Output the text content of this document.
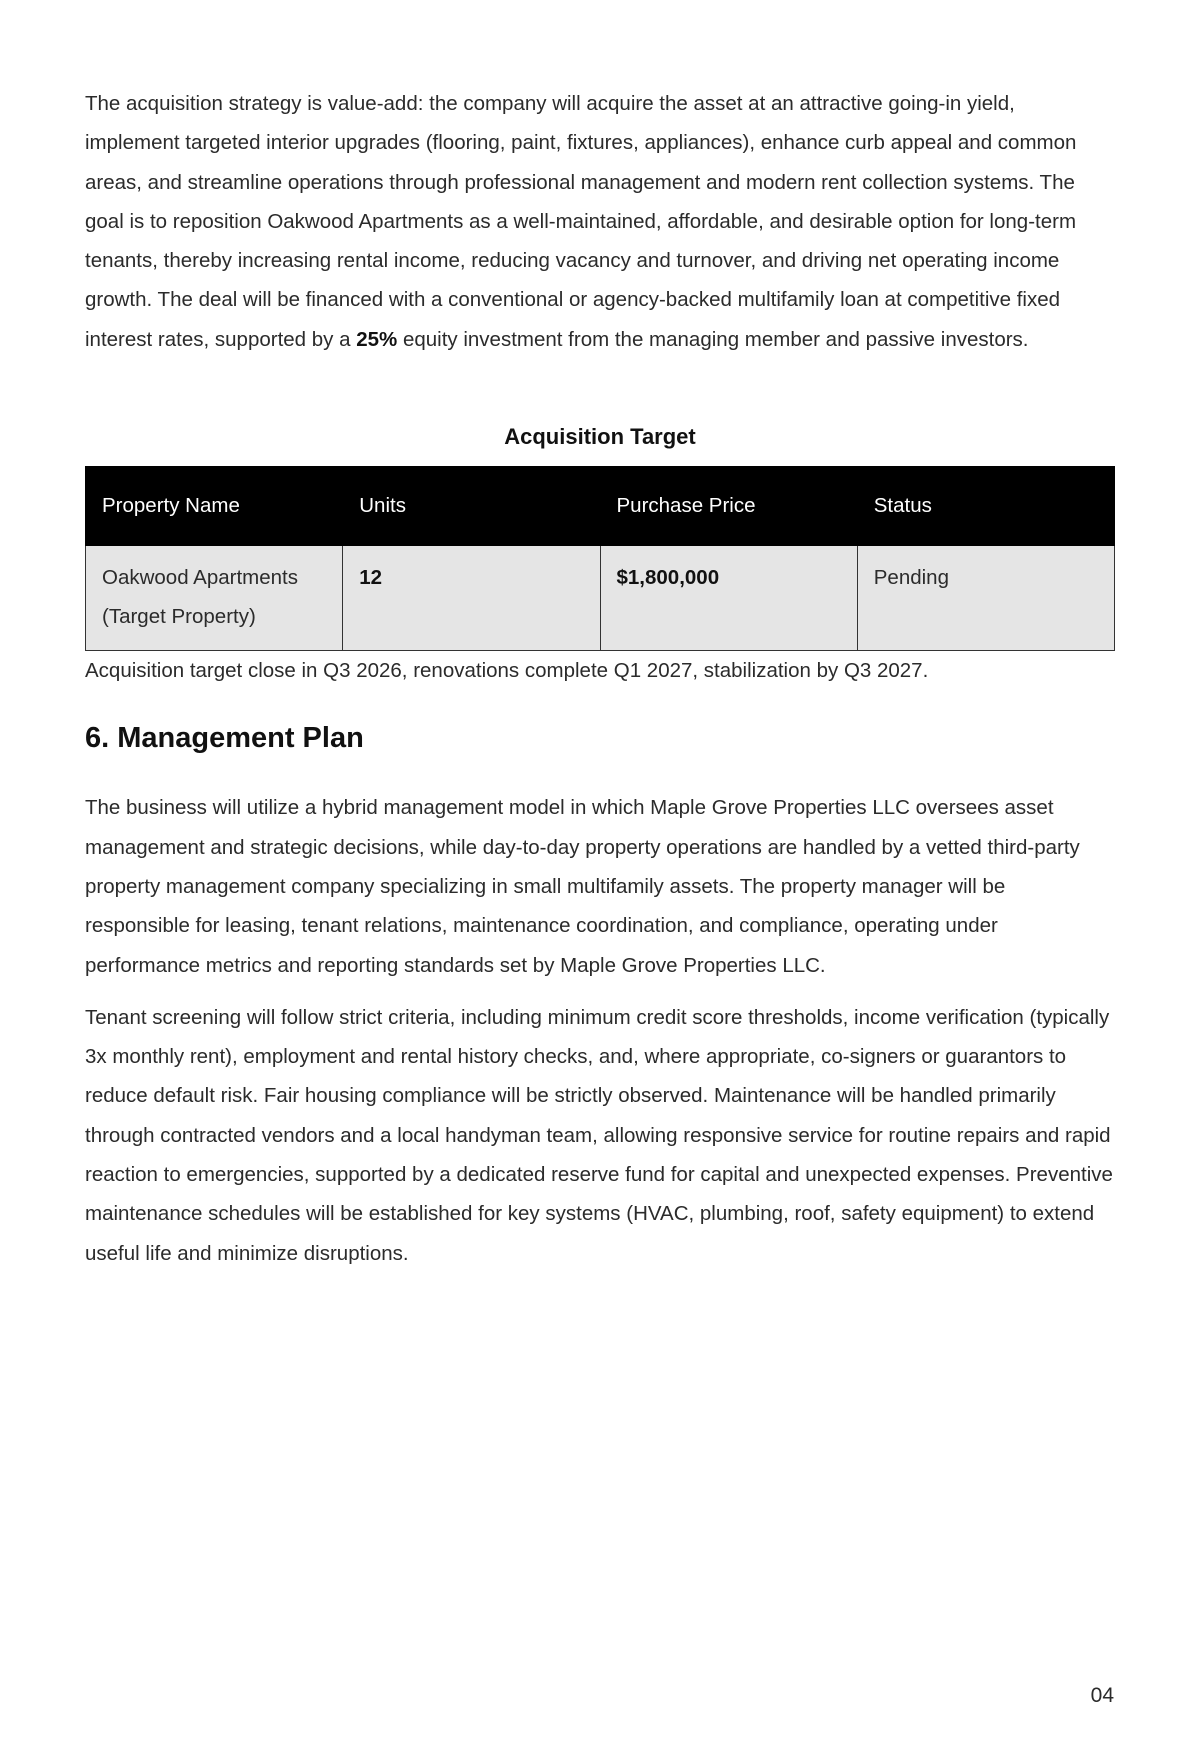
The acquisition strategy is value-add: the company will acquire the asset at an attractive going-in yield, implement targeted interior upgrades (flooring, paint, fixtures, appliances), enhance curb appeal and common areas, and streamline operations through professional management and modern rent collection systems. The goal is to reposition Oakwood Apartments as a well-maintained, affordable, and desirable option for long-term tenants, thereby increasing rental income, reducing vacancy and turnover, and driving net operating income growth. The deal will be financed with a conventional or agency-backed multifamily loan at competitive fixed interest rates, supported by a 25% equity investment from the managing member and passive investors.

Acquisition Target
Property Name	Units	Purchase Price	Status
Oakwood Apartments (Target Property)	12	$1,800,000	Pending

Acquisition target close in Q3 2026, renovations complete Q1 2027, stabilization by Q3 2027.

6. Management Plan

The business will utilize a hybrid management model in which Maple Grove Properties LLC oversees asset management and strategic decisions, while day-to-day property operations are handled by a vetted third-party property management company specializing in small multifamily assets. The property manager will be responsible for leasing, tenant relations, maintenance coordination, and compliance, operating under performance metrics and reporting standards set by Maple Grove Properties LLC.

Tenant screening will follow strict criteria, including minimum credit score thresholds, income verification (typically 3x monthly rent), employment and rental history checks, and, where appropriate, co-signers or guarantors to reduce default risk. Fair housing compliance will be strictly observed. Maintenance will be handled primarily through contracted vendors and a local handyman team, allowing responsive service for routine repairs and rapid reaction to emergencies, supported by a dedicated reserve fund for capital and unexpected expenses. Preventive maintenance schedules will be established for key systems (HVAC, plumbing, roof, safety equipment) to extend useful life and minimize disruptions.

04
